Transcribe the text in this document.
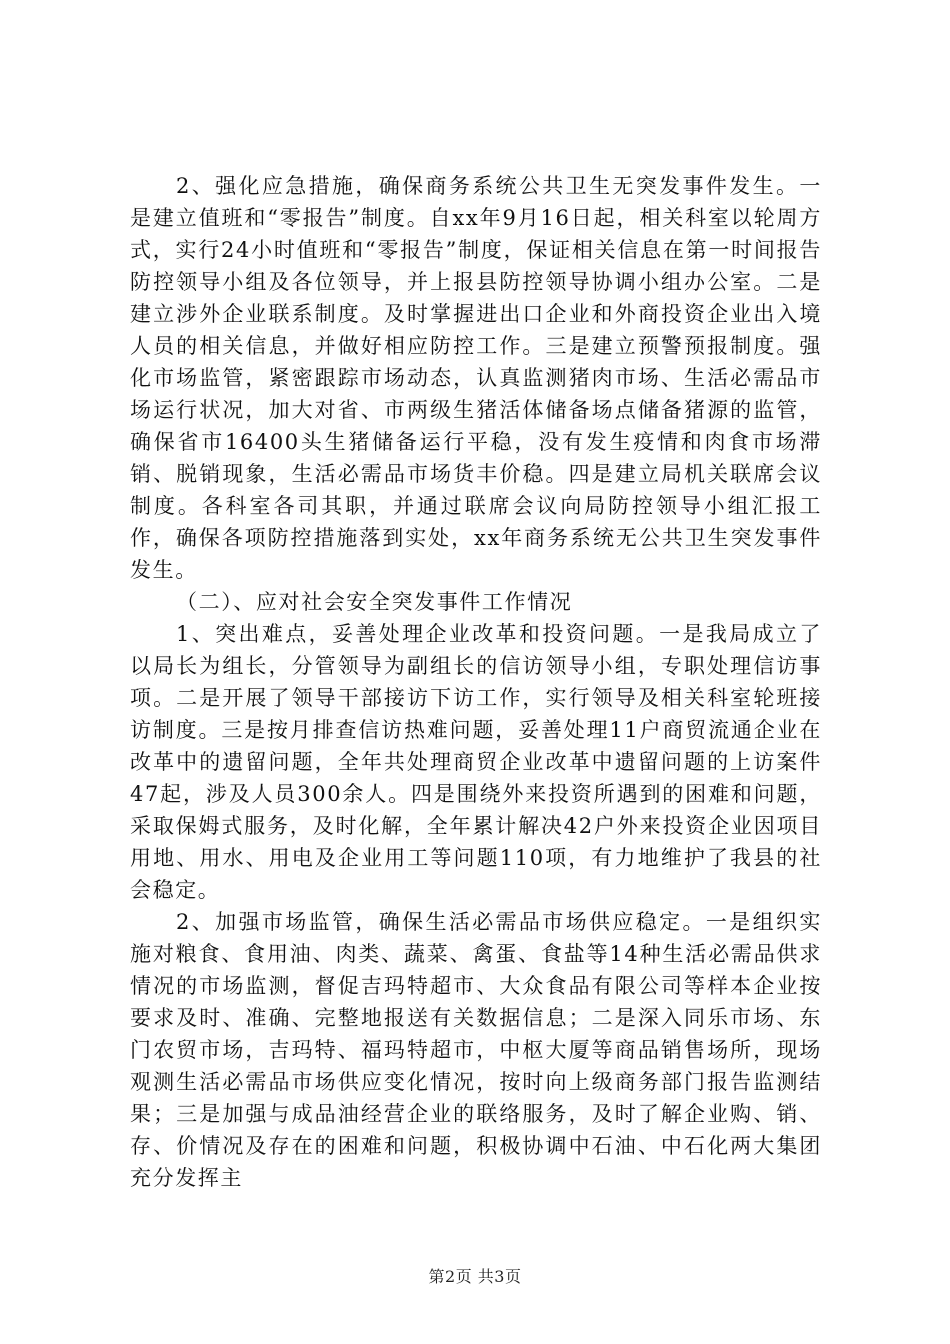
2、强化应急措施，确保商务系统公共卫生无突发事件发生。一是建立值班和“零报告”制度。自xx年9月16日起，相关科室以轮周方式，实行24小时值班和“零报告”制度，保证相关信息在第一时间报告防控领导小组及各位领导，并上报县防控领导协调小组办公室。二是建立涉外企业联系制度。及时掌握进出口企业和外商投资企业出入境人员的相关信息，并做好相应防控工作。三是建立预警预报制度。强化市场监管，紧密跟踪市场动态，认真监测猪肉市场、生活必需品市场运行状况，加大对省、市两级生猪活体储备场点储备猪源的监管，确保省市16400头生猪储备运行平稳，没有发生疫情和肉食市场滞销、脱销现象，生活必需品市场货丰价稳。四是建立局机关联席会议制度。各科室各司其职，并通过联席会议向局防控领导小组汇报工作，确保各项防控措施落到实处，xx年商务系统无公共卫生突发事件发生。

（二）、应对社会安全突发事件工作情况

1、突出难点，妥善处理企业改革和投资问题。一是我局成立了以局长为组长，分管领导为副组长的信访领导小组，专职处理信访事项。二是开展了领导干部接访下访工作，实行领导及相关科室轮班接访制度。三是按月排查信访热难问题，妥善处理11户商贸流通企业在改革中的遗留问题，全年共处理商贸企业改革中遗留问题的上访案件47起，涉及人员300余人。四是围绕外来投资所遇到的困难和问题，采取保姆式服务，及时化解，全年累计解决42户外来投资企业因项目用地、用水、用电及企业用工等问题110项，有力地维护了我县的社会稳定。

2、加强市场监管，确保生活必需品市场供应稳定。一是组织实施对粮食、食用油、肉类、蔬菜、禽蛋、食盐等14种生活必需品供求情况的市场监测，督促吉玛特超市、大众食品有限公司等样本企业按要求及时、准确、完整地报送有关数据信息；二是深入同乐市场、东门农贸市场，吉玛特、福玛特超市，中枢大厦等商品销售场所，现场观测生活必需品市场供应变化情况，按时向上级商务部门报告监测结果；三是加强与成品油经营企业的联络服务，及时了解企业购、销、存、价情况及存在的困难和问题，积极协调中石油、中石化两大集团充分发挥主

第2页 共3页
